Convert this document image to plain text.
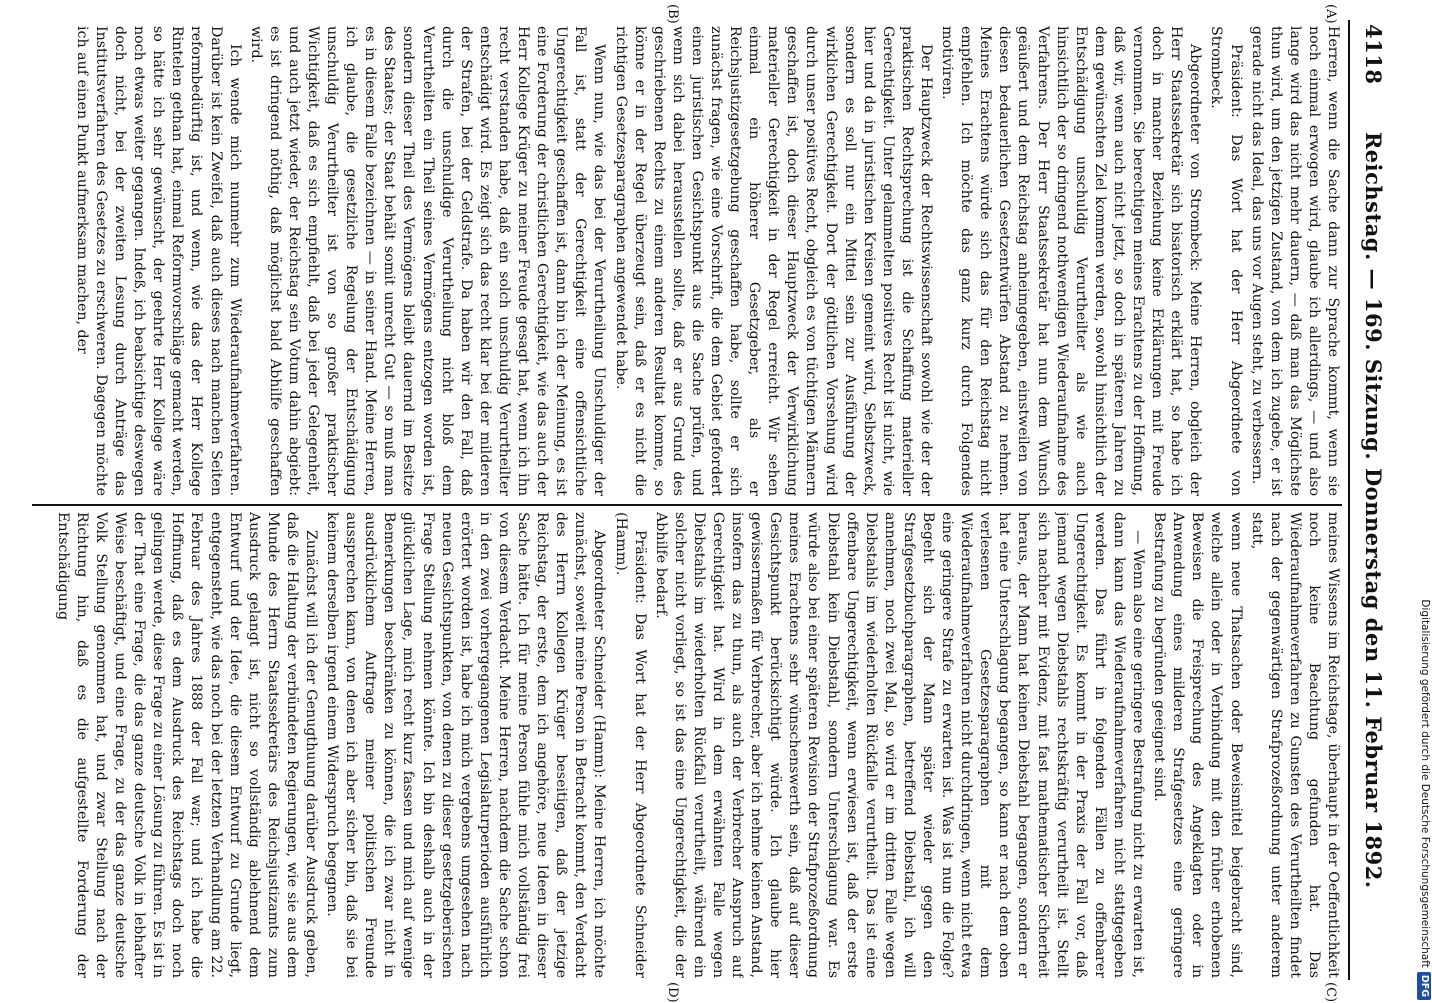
4118
Reichstag. — 169. Sitzung. Donnerstag den 11. Februar 1892.
(A)
(B)
(C)
(D)

Herren, wenn die Sache dann zur Sprache kommt, wenn sie noch einmal erwogen wird, glaube ich allerdings, — und also lange wird das nicht mehr dauern, — daß man das Möglichste thun wird, um den jetzigen Zustand, von dem ich zugebe, er ist gerade nicht das Ideal, das uns vor Augen steht, zu verbessern.

Präsident: Das Wort hat der Herr Abgeordnete von Strombeck.

Abgeordneter von Strombeck: Meine Herren, obgleich der Herr Staatssekretär sich bisatorisch erklärt hat, so habe ich doch in mancher Beziehung keine Erklärungen mit Freude vernommen. Sie berechtigen meines Erachtens zu der Hoffnung, daß wir, wenn auch nicht jetzt, so doch in späteren Jahren zu dem gewünschten Ziel kommen werden, sowohl hinsichtlich der Entschädigung unschuldig Verurtheilter als wie auch hinsichtlich der so dringend nothwendigen Wiederaufnahme des Verfahrens. Der Herr Staatssekretär hat nun dem Wunsch geäußert und dem Reichstag anheimgegeben, einstweilen von diesen bedauerlichen Gesetzentwürfen Abstand zu nehmen. Meines Erachtens würde sich das für den Reichstag nicht empfehlen. Ich möchte das ganz kurz durch Folgendes motiviren.

Der Hauptzweck der Rechtswissenschaft sowohl wie der der praktischen Rechtsprechung ist die Schaffung materieller Gerechtigkeit. Unter gelammelten positives Recht ist nicht, wie hier und da in juristischen Kreisen gemeint wird, Selbstzweck, sondern es soll nur ein Mittel sein zur Ausführung der wirklichen Gerechtigkeit. Dort der göttlichen Vorsehung wird durch unser positives Recht, obgleich es von tüchtigen Männern geschaffen ist, doch dieser Hauptzweck der Verwirklichung materieller Gerechtigkeit in der Regel erreicht. Wir sehen einmal ein höherer Gesetzgeber, als er Reichsjustizgesetzgebung geschaffen habe, sollte er sich zunächst fragen, wie eine Vorschrift, die dem Gebiet gefordert einen juristischen Gesichtspunkt aus die Sache prüfen, und wenn sich dabei herausstellen sollte, daß er aus Grund des geschriebenen Rechts zu einem anderen Resultat komme, so könne er in der Regel überzeugt sein, daß er es nicht die richtigen Gesetzesparagraphen angewendet habe.

Wenn nun, wie das bei der Verurtheilung Unschuldiger der Fall ist, statt der Gerechtigkeit eine offensichtliche Ungerechtigkeit geschaffen ist, dann bin ich der Meinung, es ist eine Forderung der christlichen Gerechtigkeit, wie das auch der Herr Kollege Krüger zu meiner Freude gesagt hat, wenn ich ihn recht verstanden habe, daß ein solch unschuldig Verurtheilter entschädigt wird. Es zeigt sich das recht klar bei der milderen der Strafen, bei der Geldstrafe. Da haben wir den Fall, daß durch die unschuldige Verurtheilung nicht bloß dem Verurtheilten ein Theil seines Vermögens entzogen worden ist, sondern dieser Theil des Vermögens bleibt dauernd im Besitze des Staates; der Staat behält somit unrecht Gut — so muß man es in diesem Falle bezeichnen — in seiner Hand. Meine Herren, ich glaube, die gesetzliche Regelung der Entschädigung unschuldig Verurtheilter ist von so großer praktischer Wichtigkeit, daß es sich empfiehlt, daß bei jeder Gelegenheit, und auch jetzt wieder, der Reichstag sein Votum dahin abgiebt: es ist dringend nöthig, daß möglichst bald Abhilfe geschaffen wird.

Ich wende mich nunmehr zum Wiederaufnahmeverfahren. Darüber ist kein Zweifel, daß auch dieses nach manchen Seiten reformbedürftig ist, und wenn, wie das der Herr Kollege Rintelen gethan hat, einmal Reformvorschläge gemacht werden, so hätte ich sehr gewünscht, der geehrte Herr Kollege wäre noch etwas weiter gegangen. Indeß, ich beabsichtige deswegen doch nicht, bei der zweiten Lesung durch Anträge das Institutsverfahren des Gesetzes zu erschweren. Dagegen möchte ich auf einen Punkt aufmerksam machen, der

meines Wissens im Reichstage, überhaupt in der Oeffentlichkeit noch keine Beachtung gefunden hat. Das Wiederaufnahmeverfahren zu Gunsten des Verurtheilten findet nach der gegenwärtigen Strafprozeßordnung unter anderem statt,

wenn neue Thatsachen oder Beweismittel beigebracht sind, welche allein oder in Verbindung mit den früher erhobenen Beweisen die Freisprechung des Angeklagten oder in Anwendung eines milderen Strafgesetzes eine geringere Bestrafung zu begründen geeignet sind.

— Wenn also eine geringere Bestrafung nicht zu erwarten ist, dann kann das Wiederaufnahmeverfahren nicht stattgegeben werden. Das führt in folgenden Fällen zu offenbarer Ungerechtigkeit. Es kommt in der Praxis der Fall vor, daß jemand wegen Diebstahls rechtskräftig verurtheilt ist. Stellt sich nachher mit Evidenz, mit fast mathematischer Sicherheit heraus, der Mann hat keinen Diebstahl begangen, sondern er hat eine Unterschlagung begangen, so kann er nach dem oben verlesenen Gesetzesparagraphen mit dem Wiederaufnahmeverfahren nicht durchdringen, wenn nicht etwa eine geringere Strafe zu erwarten ist. Was ist nun die Folge? Begeht sich der Mann später wieder gegen den Strafgesetzbuchparagraphen, betreffend Diebstahl, ich will annehmen, noch zwei Mal, so wird er im dritten Falle wegen Diebstahls im wiederholten Rückfalle verurtheilt. Das ist eine offenbare Ungerechtigkeit, wenn erwiesen ist, daß der erste Diebstahl kein Diebstahl, sondern Unterschlagung war. Es würde also bei einer späteren Revision der Strafprozeßordnung meines Erachtens sehr wünschenswerth sein, daß auf dieser Gesichtspunkt berücksichtigt würde. Ich glaube hier gewissermaßen für Verbrecher, aber ich nehme keinen Anstand, insofern das zu thun, als auch der Verbrecher Anspruch auf Gerechtigkeit hat. Wird in dem erwähnten Falle wegen Diebstahls im wiederholten Rückfall verurtheilt, während ein solcher nicht vorliegt, so ist das eine Ungerechtigkeit, die der Abhilfe bedarf.

Präsident: Das Wort hat der Herr Abgeordnete Schneider (Hamm).

Abgeordneter Schneider (Hamm): Meine Herren, ich möchte zunächst, soweit meine Person in Betracht kommt, den Verdacht des Herrn Kollegen Krüger beseitigen, daß der jetzige Reichstag, der erste, dem ich angehöre, neue Ideen in dieser Sache hätte. Ich für meine Person fühle mich vollständig frei von diesem Verdacht. Meine Herren, nachdem die Sache schon in den zwei vorhergegangenen Legislaturperioden ausführlich erörtert worden ist, habe ich mich vergebens umgesehen nach neuen Gesichtspunkten, von denen zu dieser gesetzgeberischen Frage Stellung nehmen könnte. Ich bin deshalb auch in der glücklichen Lage, mich recht kurz fassen und mich auf wenige Bemerkungen beschränken zu können, die ich zwar nicht in ausdrücklichem Auftrage meiner politischen Freunde aussprechen kann, von denen ich aber sicher bin, daß sie bei keinem derselben irgend einem Widerspruch begegnen.

Zunächst will ich der Genugthuung darüber Ausdruck geben, daß die Haltung der verbündeten Regierungen, wie sie aus dem Munde des Herrn Staatssekretärs des Reichsjustizamts zum Ausdruck gelangt ist, nicht so vollständig ablehnend dem Entwurf und der Idee, die diesem Entwurf zu Grunde liegt, entgegensteht, wie das noch bei der letzten Verhandlung am 22. Februar des Jahres 1888 der Fall war; und ich habe die Hoffnung, daß es dem Ausdruck des Reichstags doch noch gelingen werde, diese Frage zu einer Lösung zu führen. Es ist in der That eine Frage, die das ganze deutsche Volk in lebhafter Weise beschäftigt, und eine Frage, zu der das ganze deutsche Volk Stellung genommen hat, und zwar Stellung nach der Richtung hin, daß es die aufgestellte Forderung der Entschädigung

Digitalisierung gefördert durch die Deutsche ForschungsgemeinschaftDFG
